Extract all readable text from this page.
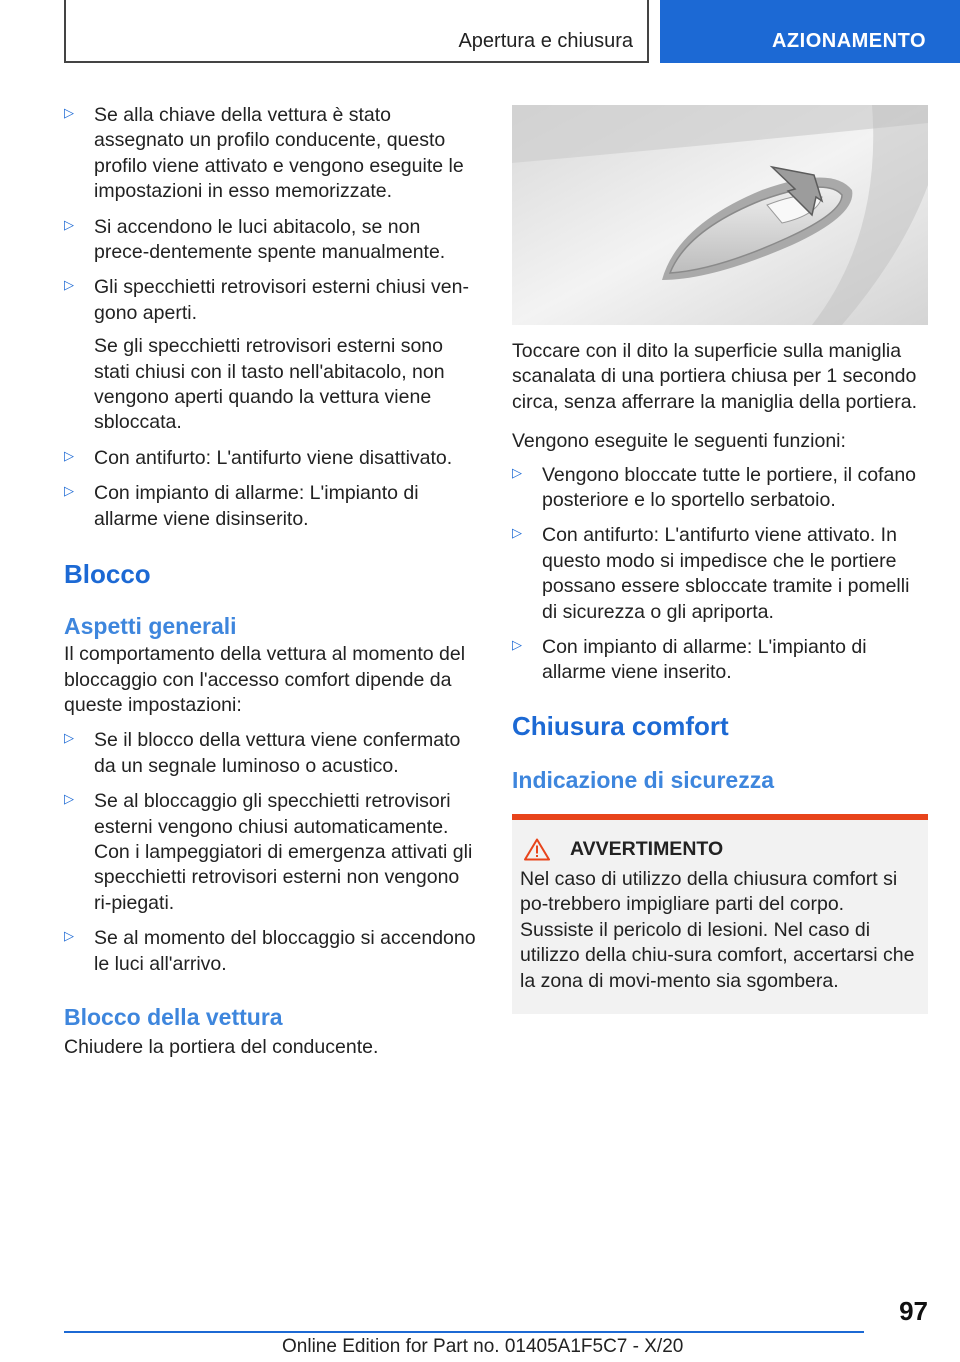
Apertura e chiusura	AZIONAMENTO
▷ Se alla chiave della vettura è stato assegnato un profilo conducente, questo profilo viene attivato e vengono eseguite le impostazioni in esso memorizzate.

▷ Si accendono le luci abitacolo, se non prece-dentemente spente manualmente.

▷ Gli specchietti retrovisori esterni chiusi ven-gono aperti.

Se gli specchietti retrovisori esterni sono stati chiusi con il tasto nell'abitacolo, non vengono aperti quando la vettura viene sbloccata.

▷ Con antifurto: L'antifurto viene disattivato.

▷ Con impianto di allarme: L'impianto di allarme viene disinserito.

Blocco
Aspetti generali

Il comportamento della vettura al momento del bloccaggio con l'accesso comfort dipende da queste impostazioni:

▷ Se il blocco della vettura viene confermato da un segnale luminoso o acustico.

▷ Se al bloccaggio gli specchietti retrovisori esterni vengono chiusi automaticamente.

Con i lampeggiatori di emergenza attivati gli specchietti retrovisori esterni non vengono ri-piegati.

▷ Se al momento del bloccaggio si accendono le luci all'arrivo.

Blocco della vettura

Chiudere la portiera del conducente.

Toccare con il dito la superficie sulla maniglia scanalata di una portiera chiusa per 1 secondo circa, senza afferrare la maniglia della portiera.

Vengono eseguite le seguenti funzioni:

▷ Vengono bloccate tutte le portiere, il cofano posteriore e lo sportello serbatoio.

▷ Con antifurto: L'antifurto viene attivato. In questo modo si impedisce che le portiere possano essere sbloccate tramite i pomelli di sicurezza o gli apriporta.

▷ Con impianto di allarme: L'impianto di allarme viene inserito.

Chiusura comfort
Indicazione di sicurezza
AVVERTIMENTO

Nel caso di utilizzo della chiusura comfort si po-trebbero impigliare parti del corpo. Sussiste il pericolo di lesioni. Nel caso di utilizzo della chiu-sura comfort, accertarsi che la zona di movi-mento sia sgombera.

97
Online Edition for Part no. 01405A1F5C7 - X/20
